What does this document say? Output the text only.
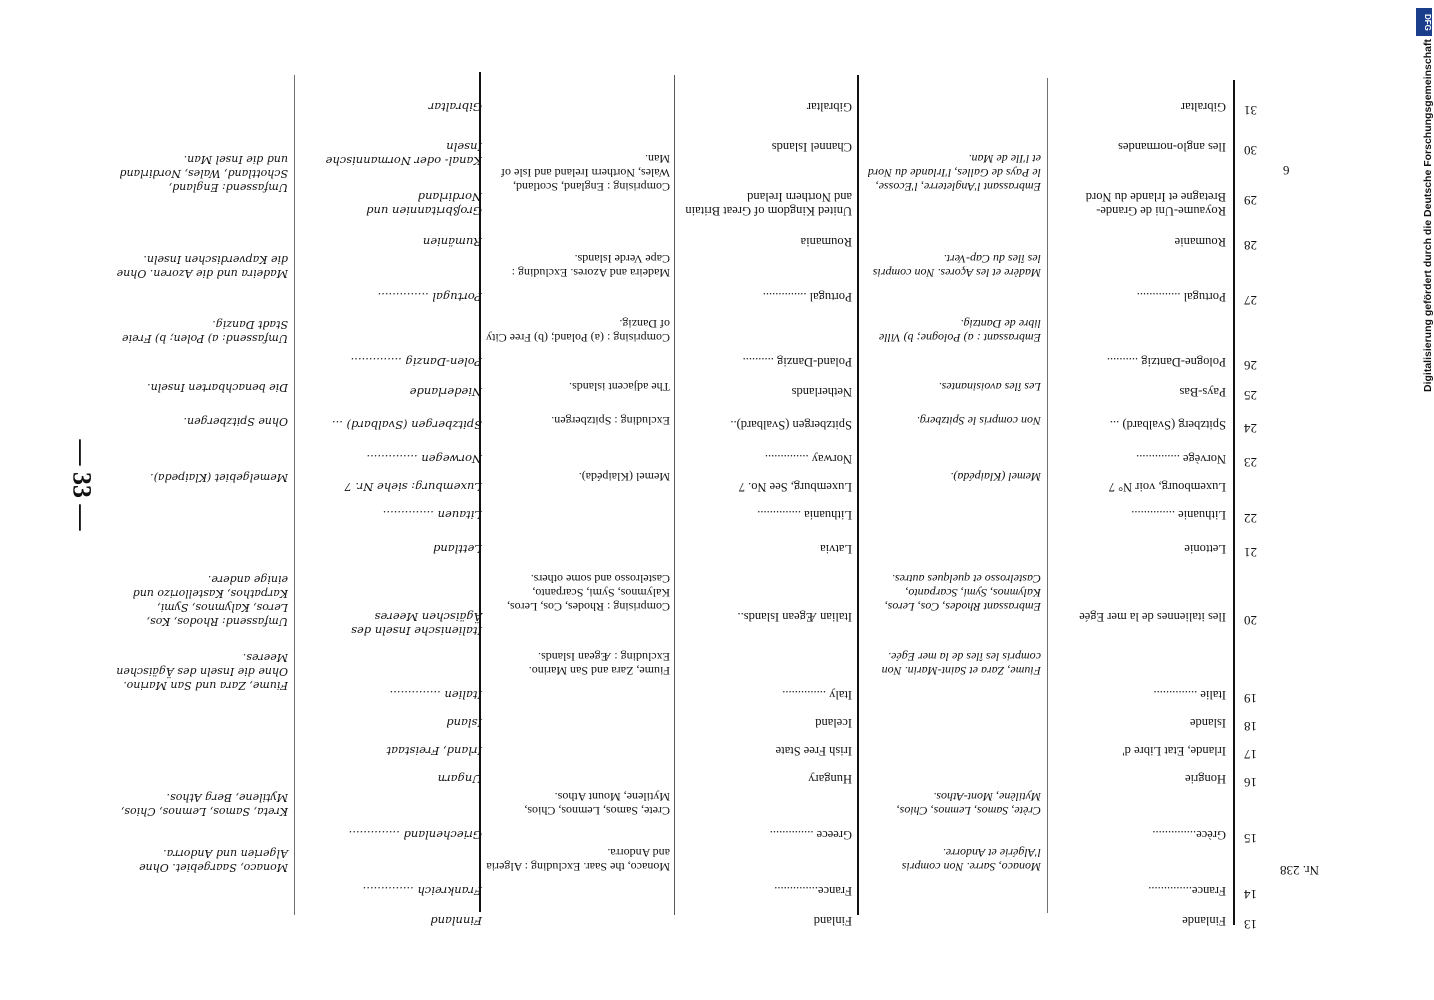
— 33 —
6
Nr. 238
DFG
Digitalisierung gefördert durch die Deutsche Forschungsgemeinschaft
31
Gibraltar
Gibraltar
Gibraltar
30
Iles anglo-normandes
Channel Islands
Kanal- oder Normannische Inseln
29
Royaume-Uni de Grande-Bretagne et Irlande du Nord
Embrassant l'Angleterre, l'Ecosse, le Pays de Galles, l'Irlande du Nord et l'Ile de Man.
United Kingdom of Great Britain and Northern Ireland
Comprising : England, Scotland, Wales, Northern Ireland and Isle of Man.
Großbritannien und Nordirland
Umfassend: England, Schottland, Wales, Nordirland und die Insel Man.
28
Roumanie
Roumania
Rumänien
27
Portugal ..............
Madère et les Açores. Non compris les îles du Cap-Vert.
Portugal ..............
Madeira and Azores. Excluding : Cape Verde Islands.
Portugal ..............
Madeira und die Azoren. Ohne die Kapverdischen Inseln.
26
Pologne-Dantzig ..........
Embrassant : a) Pologne; b) Ville libre de Dantzig.
Poland-Danzig ..........
Comprising : (a) Poland; (b) Free City of Danzig.
Polen-Danzig ..............
Umfassend: a) Polen; b) Freie Stadt Danzig.
25
Pays-Bas
Netherlands
Niederlande
24
Spitzberg (Svalbard) ...
Les îles avoisinantes.
Spitzbergen (Svalbard)..
The adjacent islands.
Spitzbergen (Svalbard) ...
Die benachbarten Inseln.
23
Norvège ..............
Non compris le Spitzberg.
Norway ..............
Excluding : Spitzbergen.
Norwegen ..............
Ohne Spitzbergen.
Luxembourg, voir N° 7
Luxemburg, See No. 7
Luxemburg: siehe Nr. 7
22
Lithuanie ..............
Memel (Klaipéda).
Lithuania ..............
Memel (Klaipéda).
Litauen ..............
Memelgebiet (Klaipeda).
21
Lettonie
Latvia
Lettland
20
Iles italiennes de la mer Egée
Embrassant Rhodes, Cos, Leros, Kalymnos, Symi, Scarpanto, Castelrosso et quelques autres.
Italian Ægean Islands..
Comprising : Rhodes, Cos, Leros, Kalymnos, Symi, Scarpanto, Castelrosso and some others.
Italienische Inseln des Ägäischen Meeres
Umfassend: Rhodos, Kos, Leros, Kalymnos, Symi, Karpathos, Kastellorizo und einige andere.
19
Italie ..............
Fiume, Zara et Saint-Marin. Non compris les îles de la mer Egée.
Italy ..............
Fiume, Zara and San Marino. Excluding : Ægean Islands.
Italien ..............
Fiume, Zara und San Marino. Ohne die Inseln des Ägäischen Meeres.
18
Islande
Iceland
Island
17
Irlande, Etat Libre d'
Irish Free State
Irland, Freistaat
16
Hongrie
Hungary
Ungarn
15
Grèce..............
Crète, Samos, Lemnos, Chios, Mytilène, Mont-Athos.
Greece ..............
Crete, Samos, Lemnos, Chios, Mytilene, Mount Athos.
Griechenland ..............
Kreta, Samos, Lemnos, Chios, Mytilene, Berg Athos.
14
France..............
Monaco, Sarre. Non compris l'Algérie et Andorre.
France..............
Monaco, the Saar. Excluding : Algeria and Andorra.
Frankreich ..............
Monaco, Saargebiet. Ohne Algerien und Andorra.
13
Finlande
Finland
Finnland
